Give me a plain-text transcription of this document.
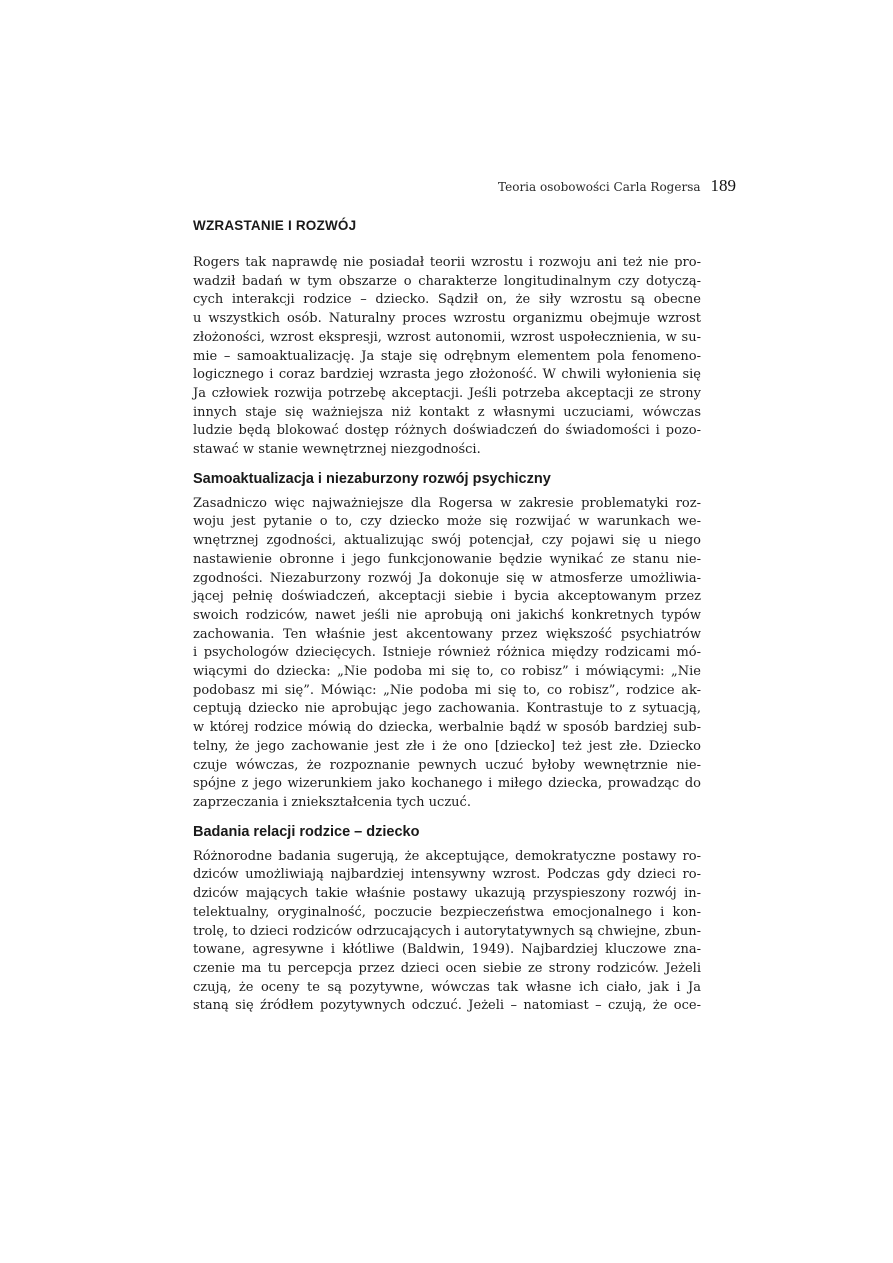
Teoria osobowości Carla Rogersa 189
WZRASTANIE I ROZWÓJ

Rogers tak naprawdę nie posiadał teorii wzrostu i rozwoju ani też nie pro-
wadził badań w tym obszarze o charakterze longitudinalnym czy dotyczą-
cych interakcji rodzice – dziecko. Sądził on, że siły wzrostu są obecne
u wszystkich osób. Naturalny proces wzrostu organizmu obejmuje wzrost
złożoności, wzrost ekspresji, wzrost autonomii, wzrost uspołecznienia, w su-
mie – samoaktualizację. Ja staje się odrębnym elementem pola fenomeno-
logicznego i coraz bardziej wzrasta jego złożoność. W chwili wyłonienia się
Ja człowiek rozwija potrzebę akceptacji. Jeśli potrzeba akceptacji ze strony
innych staje się ważniejsza niż kontakt z własnymi uczuciami, wówczas
ludzie będą blokować dostęp różnych doświadczeń do świadomości i pozo-
stawać w stanie wewnętrznej niezgodności.

Samoaktualizacja i niezaburzony rozwój psychiczny

Zasadniczo więc najważniejsze dla Rogersa w zakresie problematyki roz-
woju jest pytanie o to, czy dziecko może się rozwijać w warunkach we-
wnętrznej zgodności, aktualizując swój potencjał, czy pojawi się u niego
nastawienie obronne i jego funkcjonowanie będzie wynikać ze stanu nie-
zgodności. Niezaburzony rozwój Ja dokonuje się w atmosferze umożliwia-
jącej pełnię doświadczeń, akceptacji siebie i bycia akceptowanym przez
swoich rodziców, nawet jeśli nie aprobują oni jakichś konkretnych typów
zachowania. Ten właśnie jest akcentowany przez większość psychiatrów
i psychologów dziecięcych. Istnieje również różnica między rodzicami mó-
wiącymi do dziecka: „Nie podoba mi się to, co robisz” i mówiącymi: „Nie
podobasz mi się”. Mówiąc: „Nie podoba mi się to, co robisz”, rodzice ak-
ceptują dziecko nie aprobując jego zachowania. Kontrastuje to z sytuacją,
w której rodzice mówią do dziecka, werbalnie bądź w sposób bardziej sub-
telny, że jego zachowanie jest złe i że ono [dziecko] też jest złe. Dziecko
czuje wówczas, że rozpoznanie pewnych uczuć byłoby wewnętrznie nie-
spójne z jego wizerunkiem jako kochanego i miłego dziecka, prowadząc do
zaprzeczania i zniekształcenia tych uczuć.

Badania relacji rodzice – dziecko

Różnorodne badania sugerują, że akceptujące, demokratyczne postawy ro-
dziców umożliwiają najbardziej intensywny wzrost. Podczas gdy dzieci ro-
dziców mających takie właśnie postawy ukazują przyspieszony rozwój in-
telektualny, oryginalność, poczucie bezpieczeństwa emocjonalnego i kon-
trolę, to dzieci rodziców odrzucających i autorytatywnych są chwiejne, zbun-
towane, agresywne i kłótliwe (Baldwin, 1949). Najbardziej kluczowe zna-
czenie ma tu percepcja przez dzieci ocen siebie ze strony rodziców. Jeżeli
czują, że oceny te są pozytywne, wówczas tak własne ich ciało, jak i Ja
staną się źródłem pozytywnych odczuć. Jeżeli – natomiast – czują, że oce-
